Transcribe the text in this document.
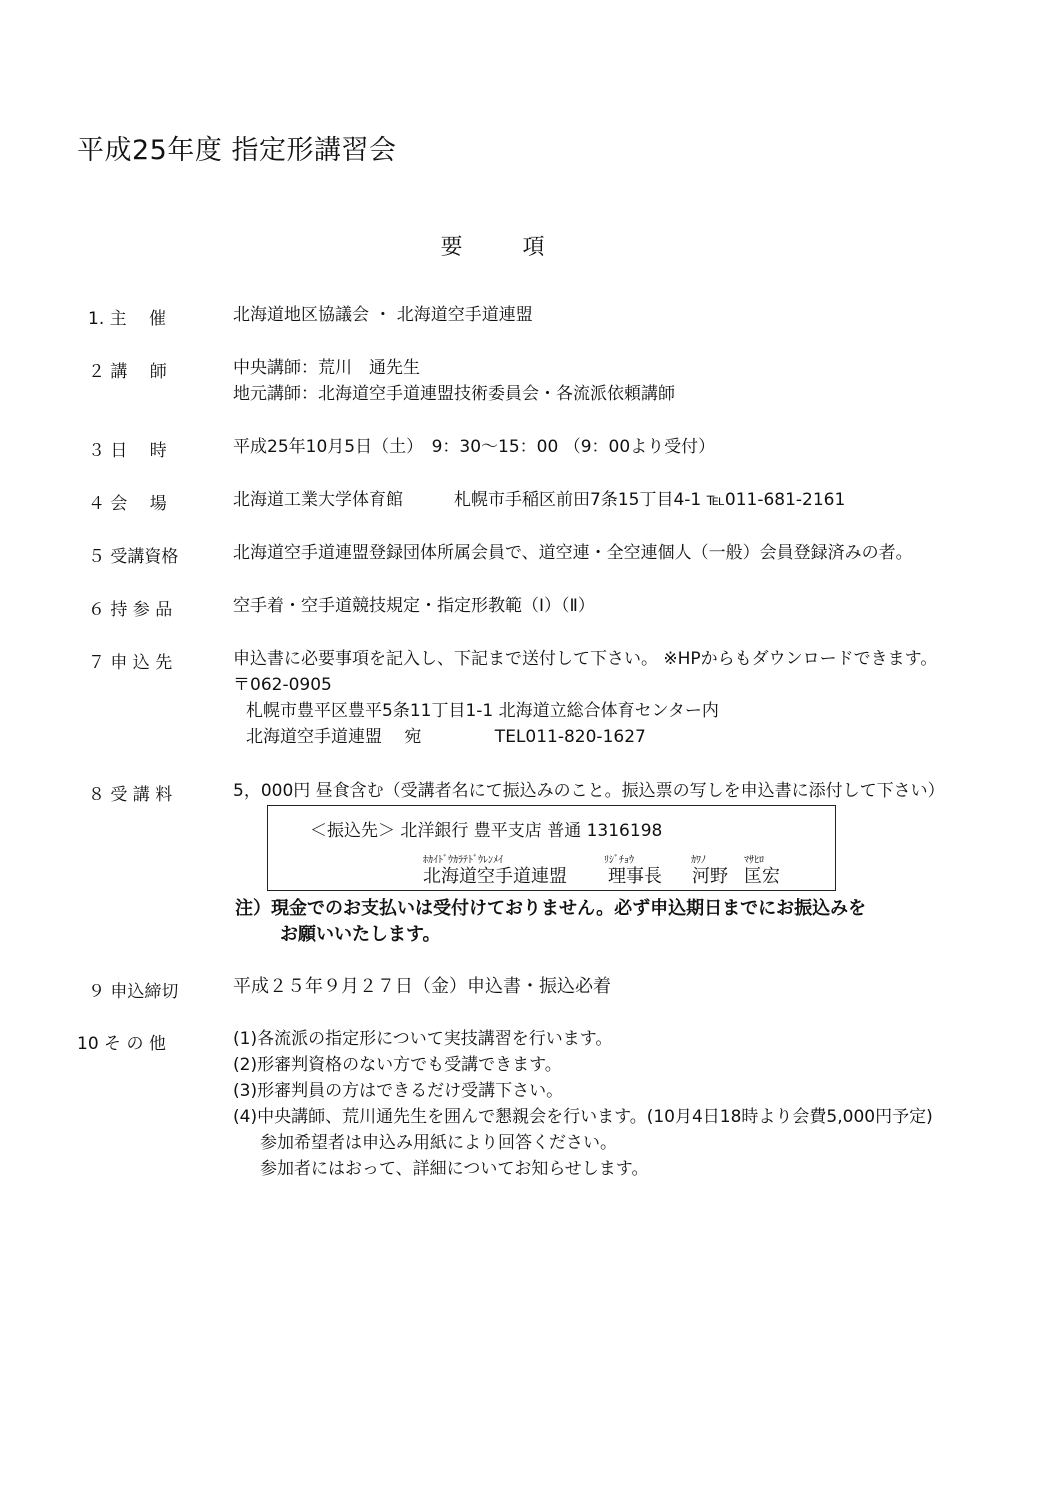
平成25年度 指定形講習会
要項
1. 主　 催	北海道地区協議会 ・ 北海道空手道連盟
２ 講　 師	中央講師：荒川　通先生
地元講師：北海道空手道連盟技術委員会・各流派依頼講師
３ 日　 時	平成25年10月5日（土）　9：30～15：00 （9：00より受付）
４ 会　 場	北海道工業大学体育館　　　札幌市手稲区前田7条15丁目4-1 ℡011-681-2161
５ 受講資格	北海道空手道連盟登録団体所属会員で、道空連・全空連個人（一般）会員登録済みの者。
６ 持 参 品	空手着・空手道競技規定・指定形教範（Ⅰ）（Ⅱ）
７ 申 込 先	申込書に必要事項を記入し、下記まで送付して下さい。 ※HPからもダウンロードできます。
〒062-0905
札幌市豊平区豊平5条11丁目1-1 北海道立総合体育センター内
北海道空手道連盟　 宛　　　　 TEL011-820-1627
８ 受 講 料	5，000円 昼食含む（受講者名にて振込みのこと。振込票の写しを申込書に添付して下さい）
＜振込先＞ 北洋銀行 豊平支店 普通 1316198
ﾎｶｲﾄﾞｳｶﾗﾃﾄﾞｳﾚﾝﾒｲ	ﾘｼﾞﾁｮｳ	ｶﾜﾉ	ﾏｻﾋﾛ
北海道空手道連盟 理事長 河野 匡宏
注）現金でのお支払いは受付けておりません。必ず申込期日までにお振込みを
お願いいたします。
９ 申込締切	平成２５年９月２７日（金）申込書・振込必着
10 そ の 他	(1)各流派の指定形について実技講習を行います。
(2)形審判資格のない方でも受講できます。
(3)形審判員の方はできるだけ受講下さい。
(4)中央講師、荒川通先生を囲んで懇親会を行います。(10月4日18時より会費5,000円予定)
参加希望者は申込み用紙により回答ください。
参加者にはおって、詳細についてお知らせします。
